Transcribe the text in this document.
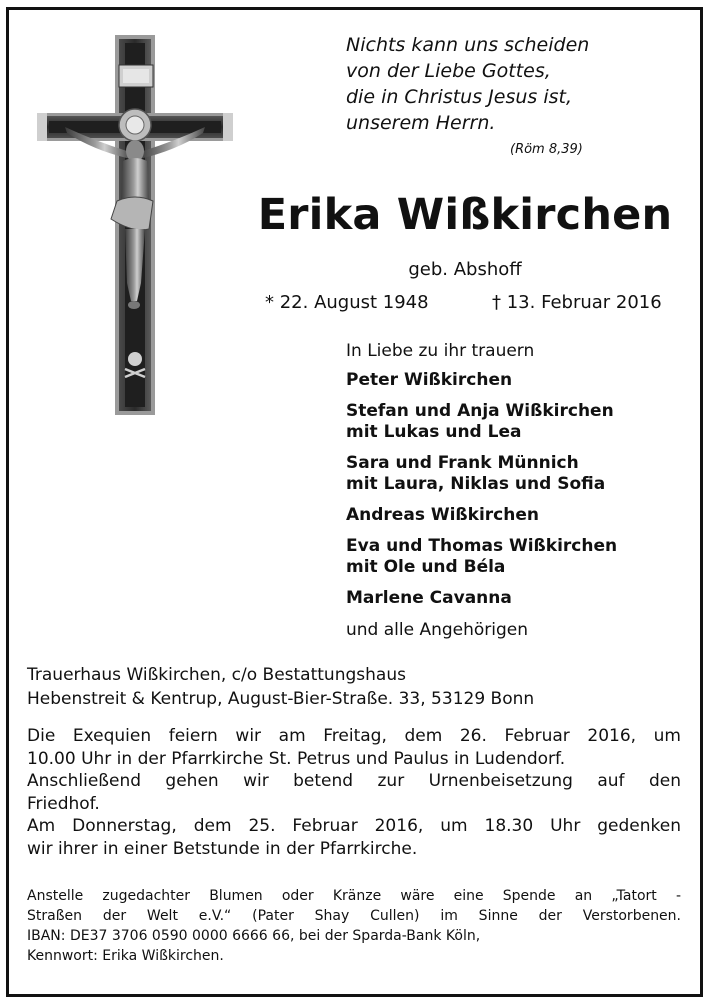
Nichts kann uns scheiden
von der Liebe Gottes,
die in Christus Jesus ist,
unserem Herrn.
(Röm 8,39)
Erika Wißkirchen
geb. Abshoff
* 22. August 1948	† 13. Februar 2016
In Liebe zu ihr trauern
Peter Wißkirchen
Stefan und Anja Wißkirchen
mit Lukas und Lea
Sara und Frank Münnich
mit Laura, Niklas und Sofia
Andreas Wißkirchen
Eva und Thomas Wißkirchen
mit Ole und Béla
Marlene Cavanna
und alle Angehörigen
Trauerhaus Wißkirchen, c/o Bestattungshaus
Hebenstreit & Kentrup, August-Bier-Straße. 33, 53129 Bonn
Die Exequien feiern wir am Freitag, dem 26. Februar 2016, um
10.00 Uhr in der Pfarrkirche St. Petrus und Paulus in Ludendorf.
Anschließend gehen wir betend zur Urnenbeisetzung auf den
Friedhof.
Am Donnerstag, dem 25. Februar 2016, um 18.30 Uhr gedenken
wir ihrer in einer Betstunde in der Pfarrkirche.
Anstelle zugedachter Blumen oder Kränze wäre eine Spende an „Tatort -
Straßen der Welt e.V.“ (Pater Shay Cullen) im Sinne der Verstorbenen.
IBAN: DE37 3706 0590 0000 6666 66, bei der Sparda-Bank Köln,
Kennwort: Erika Wißkirchen.
